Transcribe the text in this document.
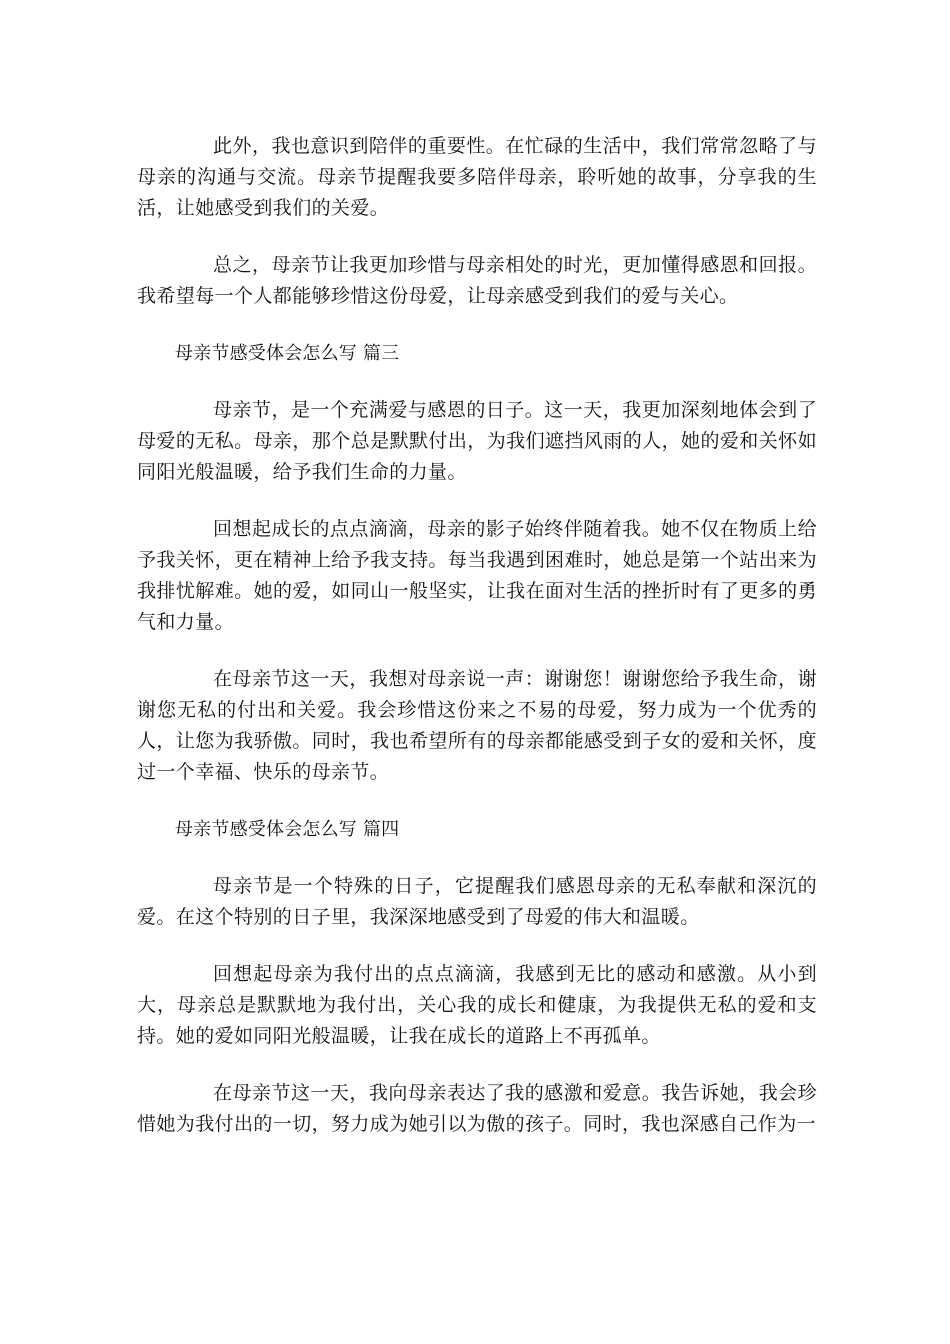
此外，我也意识到陪伴的重要性。在忙碌的生活中，我们常常忽略了与母亲的沟通与交流。母亲节提醒我要多陪伴母亲，聆听她的故事，分享我的生活，让她感受到我们的关爱。

总之，母亲节让我更加珍惜与母亲相处的时光，更加懂得感恩和回报。我希望每一个人都能够珍惜这份母爱，让母亲感受到我们的爱与关心。

母亲节感受体会怎么写 篇三

母亲节，是一个充满爱与感恩的日子。这一天，我更加深刻地体会到了母爱的无私。母亲，那个总是默默付出，为我们遮挡风雨的人，她的爱和关怀如同阳光般温暖，给予我们生命的力量。

回想起成长的点点滴滴，母亲的影子始终伴随着我。她不仅在物质上给予我关怀，更在精神上给予我支持。每当我遇到困难时，她总是第一个站出来为我排忧解难。她的爱，如同山一般坚实，让我在面对生活的挫折时有了更多的勇气和力量。

在母亲节这一天，我想对母亲说一声：谢谢您！谢谢您给予我生命，谢谢您无私的付出和关爱。我会珍惜这份来之不易的母爱，努力成为一个优秀的人，让您为我骄傲。同时，我也希望所有的母亲都能感受到子女的爱和关怀，度过一个幸福、快乐的母亲节。

母亲节感受体会怎么写 篇四

母亲节是一个特殊的日子，它提醒我们感恩母亲的无私奉献和深沉的爱。在这个特别的日子里，我深深地感受到了母爱的伟大和温暖。

回想起母亲为我付出的点点滴滴，我感到无比的感动和感激。从小到大，母亲总是默默地为我付出，关心我的成长和健康，为我提供无私的爱和支持。她的爱如同阳光般温暖，让我在成长的道路上不再孤单。

在母亲节这一天，我向母亲表达了我的感激和爱意。我告诉她，我会珍惜她为我付出的一切，努力成为她引以为傲的孩子。同时，我也深感自己作为一
